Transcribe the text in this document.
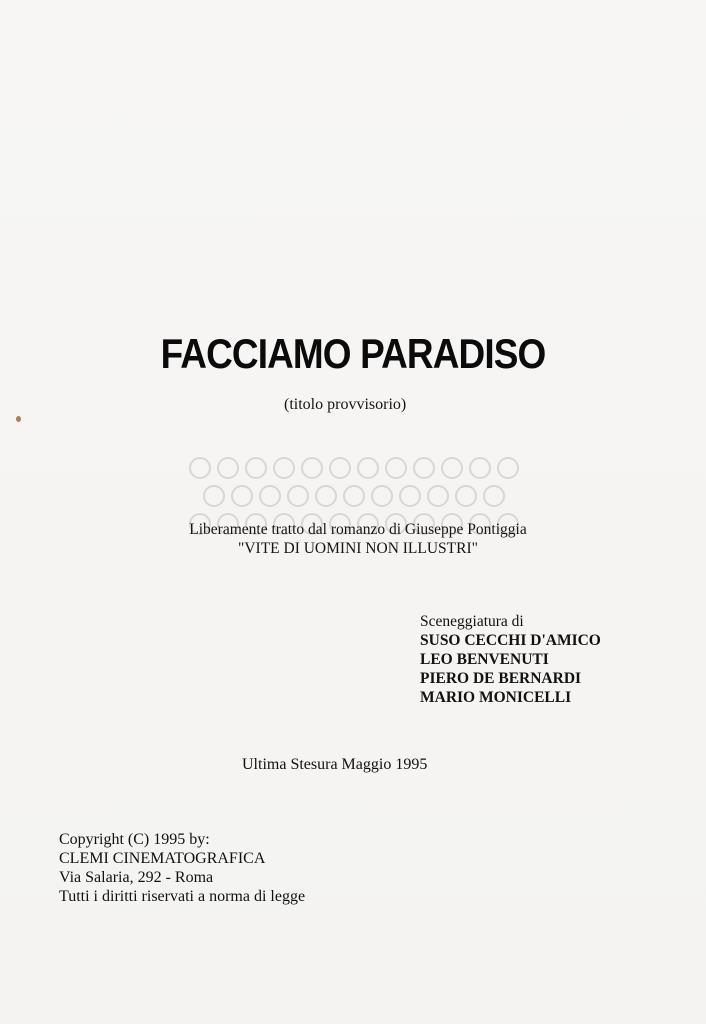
FACCIAMO PARADISO
(titolo provvisorio)
Liberamente tratto dal romanzo di Giuseppe Pontiggia
"VITE DI UOMINI NON ILLUSTRI"
Sceneggiatura di
SUSO CECCHI D'AMICO
LEO BENVENUTI
PIERO DE BERNARDI
MARIO MONICELLI
Ultima Stesura Maggio 1995
Copyright (C) 1995 by:
CLEMI CINEMATOGRAFICA
Via Salaria, 292 - Roma
Tutti i diritti riservati a norma di legge
